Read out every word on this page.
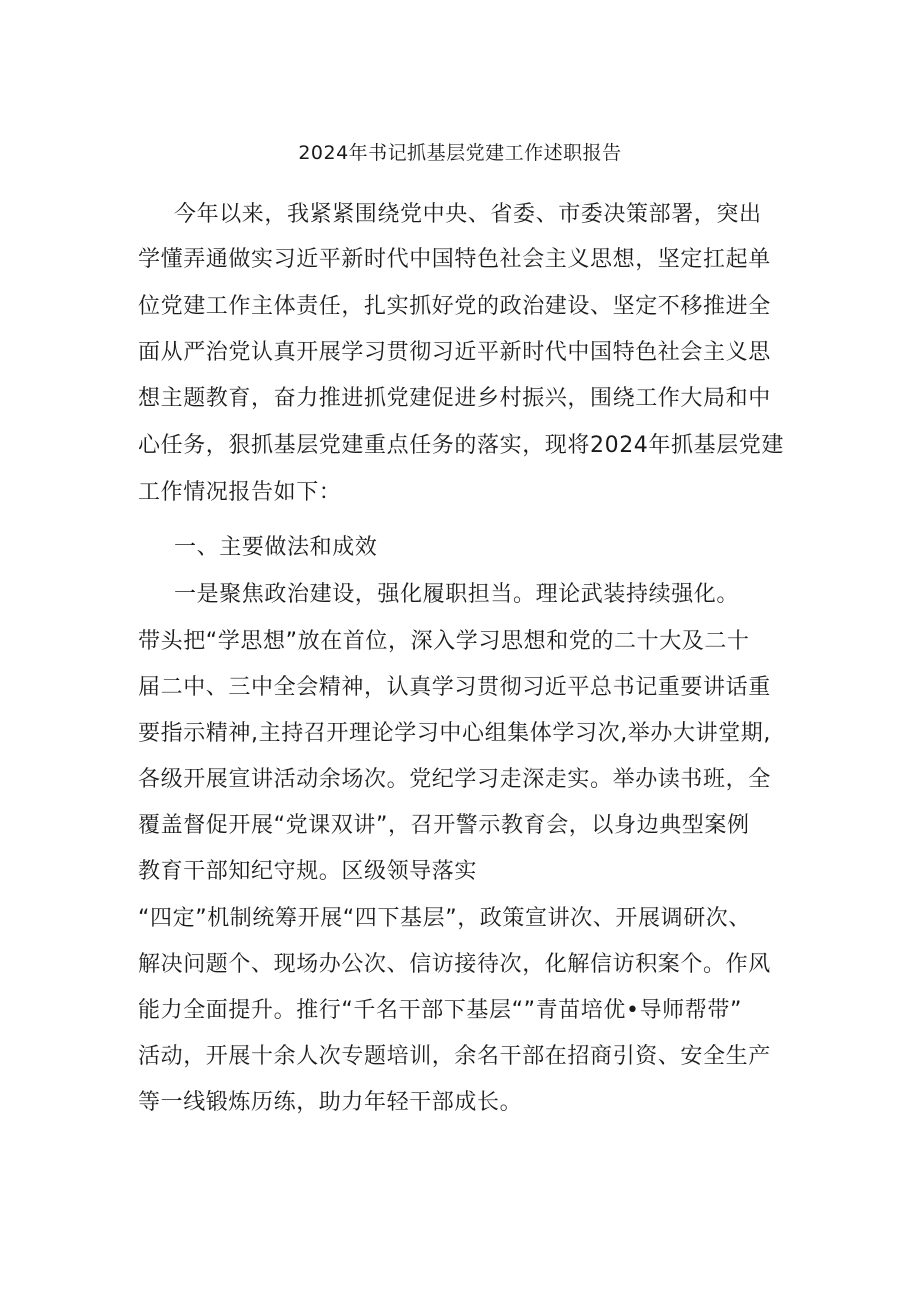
2024年书记抓基层党建工作述职报告
今年以来，我紧紧围绕党中央、省委、市委决策部署，突出
学懂弄通做实习近平新时代中国特色社会主义思想，坚定扛起单
位党建工作主体责任，扎实抓好党的政治建设、坚定不移推进全
面从严治党认真开展学习贯彻习近平新时代中国特色社会主义思
想主题教育，奋力推进抓党建促进乡村振兴，围绕工作大局和中
心任务，狠抓基层党建重点任务的落实，现将2024年抓基层党建
工作情况报告如下：
一、主要做法和成效
一是聚焦政治建设，强化履职担当。理论武装持续强化。
带头把“学思想”放在首位，深入学习思想和党的二十大及二十
届二中、三中全会精神，认真学习贯彻习近平总书记重要讲话重
要指示精神,主持召开理论学习中心组集体学习次,举办大讲堂期,
各级开展宣讲活动余场次。党纪学习走深走实。举办读书班，全
覆盖督促开展“党课双讲”，召开警示教育会，以身边典型案例
教育干部知纪守规。区级领导落实
“四定”机制统筹开展“四下基层”，政策宣讲次、开展调研次、
解决问题个、现场办公次、信访接待次，化解信访积案个。作风
能力全面提升。推行“千名干部下基层“”青苗培优•导师帮带”
活动，开展十余人次专题培训，余名干部在招商引资、安全生产
等一线锻炼历练，助力年轻干部成长。
